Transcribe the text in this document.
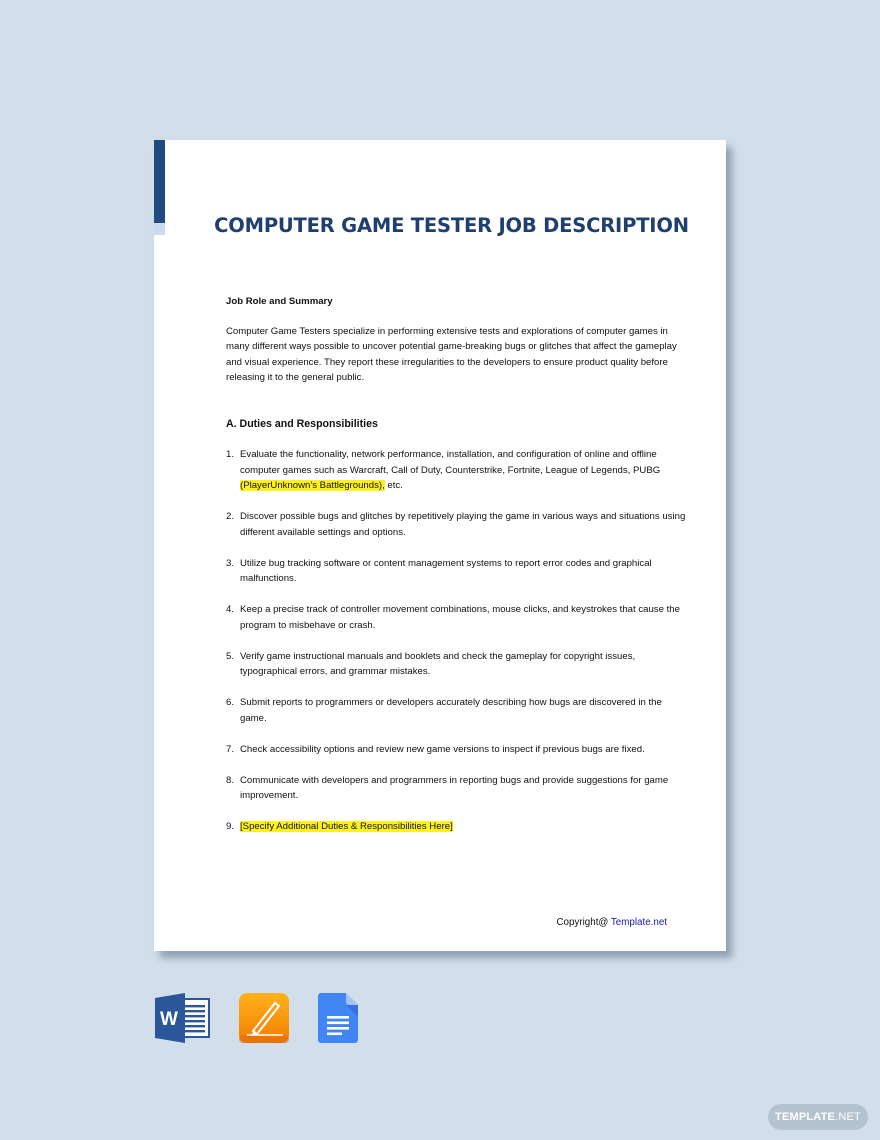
COMPUTER GAME TESTER JOB DESCRIPTION
Job Role and Summary

Computer Game Testers specialize in performing extensive tests and explorations of computer games in many different ways possible to uncover potential game-breaking bugs or glitches that affect the gameplay and visual experience. They report these irregularities to the developers to ensure product quality before releasing it to the general public.

A. Duties and Responsibilities
1. Evaluate the functionality, network performance, installation, and configuration of online and offline computer games such as Warcraft, Call of Duty, Counterstrike, Fortnite, League of Legends, PUBG (PlayerUnknown's Battlegrounds), etc.
2. Discover possible bugs and glitches by repetitively playing the game in various ways and situations using different available settings and options.
3. Utilize bug tracking software or content management systems to report error codes and graphical malfunctions.
4. Keep a precise track of controller movement combinations, mouse clicks, and keystrokes that cause the program to misbehave or crash.
5. Verify game instructional manuals and booklets and check the gameplay for copyright issues, typographical errors, and grammar mistakes.
6. Submit reports to programmers or developers accurately describing how bugs are discovered in the game.
7. Check accessibility options and review new game versions to inspect if previous bugs are fixed.
8. Communicate with developers and programmers in reporting bugs and provide suggestions for game improvement.
9. [Specify Additional Duties & Responsibilities Here]
Copyright@ Template.net
W
TEMPLATE.NET
